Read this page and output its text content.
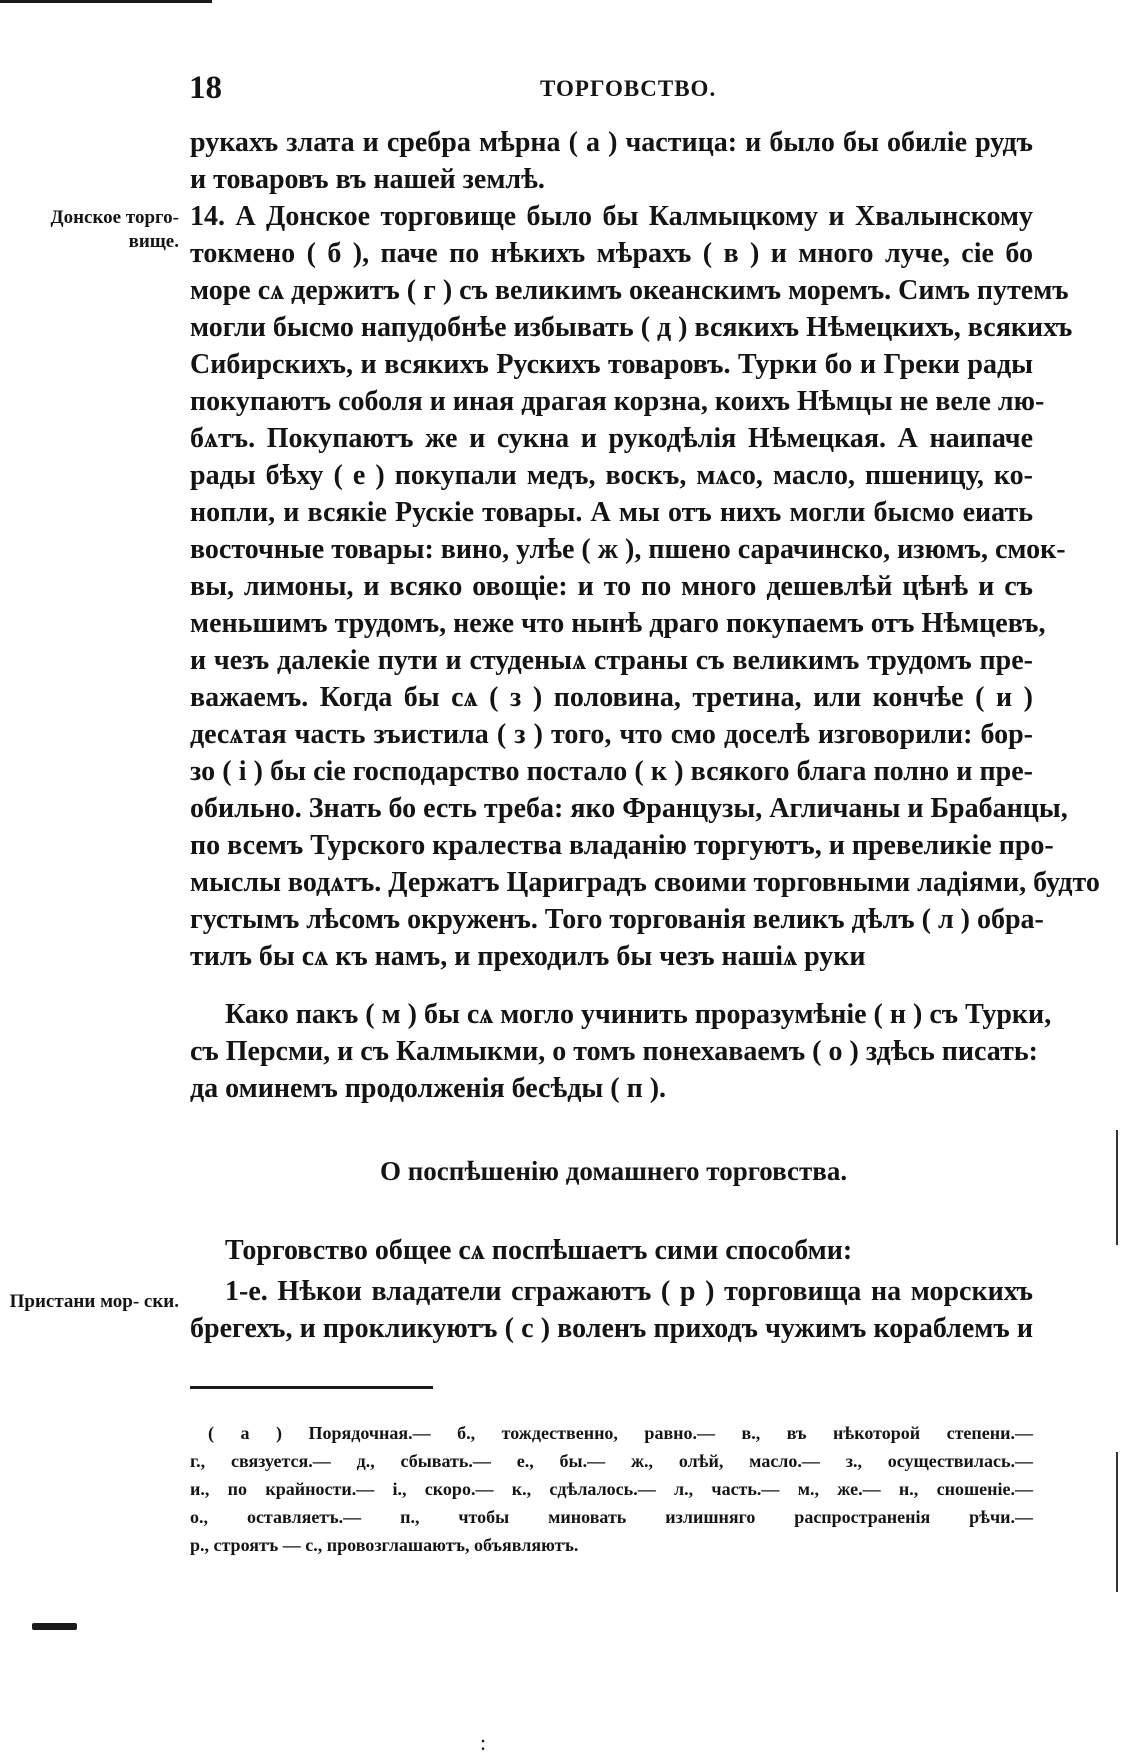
18	ТОРГОВСТВО.
Донское торго- вище.
Пристани мор- ски.
рукахъ злата и сребра мѣрна ( а ) частица: и было бы обиліе рудъ
и товаровъ въ нашей землѣ.
14. А Донское торговище было бы Калмыцкому и Хвалынскому
токмено ( б ), паче по нѣкихъ мѣрахъ ( в ) и много луче, сіе бо
море сѧ держитъ ( г ) съ великимъ океанскимъ моремъ. Симъ путемъ
могли бысмо напудобнѣе избывать ( д ) всякихъ Нѣмецкихъ, всякихъ
Сибирскихъ, и всякихъ Рускихъ товаровъ. Турки бо и Греки рады
покупаютъ соболя и иная драгая корзна, коихъ Нѣмцы не веле лю-
бѧтъ. Покупаютъ же и сукна и рукодѣлія Нѣмецкая. А наипаче
рады бѣху ( е ) покупали медъ, воскъ, мѧсо, масло, пшеницу, ко-
нопли, и всякіе Рускіе товары. А мы отъ нихъ могли бысмо еиать
восточные товары: вино, улѣе ( ж ), пшено сарачинско, изюмъ, смок-
вы, лимоны, и всяко овощіе: и то по много дешевлѣй цѣнѣ и съ
меньшимъ трудомъ, неже что нынѣ драго покупаемъ отъ Нѣмцевъ,
и чезъ далекіе пути и студеныѧ страны съ великимъ трудомъ пре-
важаемъ. Когда бы сѧ ( з ) половина, третина, или кончѣе ( и )
десѧтая часть зъистила ( з ) того, что смо доселѣ изговорили: бор-
зо ( і ) бы сіе господарство постало ( к ) всякого блага полно и пре-
обильно. Знать бо есть треба: яко Французы, Агличаны и Брабанцы,
по всемъ Турского кралества владанію торгуютъ, и превеликіе про-
мыслы водѧтъ. Держатъ Цариградъ своими торговными ладіями, будто
густымъ лѣсомъ окруженъ. Того торгованія великъ дѣлъ ( л ) обра-
тилъ бы сѧ къ намъ, и преходилъ бы чезъ нашіѧ руки
Како пакъ ( м ) бы сѧ могло учинить проразумѣніе ( н ) съ Турки,
съ Персми, и съ Калмыкми, о томъ понехаваемъ ( о ) здѣсь писать:
да оминемъ продолженія бесѣды ( п ).
О поспѣшенію домашнего торговства.
Торговство общее сѧ поспѣшаетъ сими способми:
1-е. Нѣкои владатели сгражаютъ ( р ) торговища на морскихъ
брегехъ, и прокликуютъ ( с ) воленъ приходъ чужимъ кораблемъ и
( а ) Порядочная.— б., тождественно, равно.— в., въ нѣкоторой степени.—
г., связуется.— д., сбывать.— е., бы.— ж., олѣй, масло.— з., осуществилась.—
и., по крайности.— і., скоро.— к., сдѣлалось.— л., часть.— м., же.— н., сношеніе.—
о., оставляетъ.— п., чтобы миновать излишняго распространенія рѣчи.—
р., строятъ — с., провозглашаютъ, объявляютъ.
:
